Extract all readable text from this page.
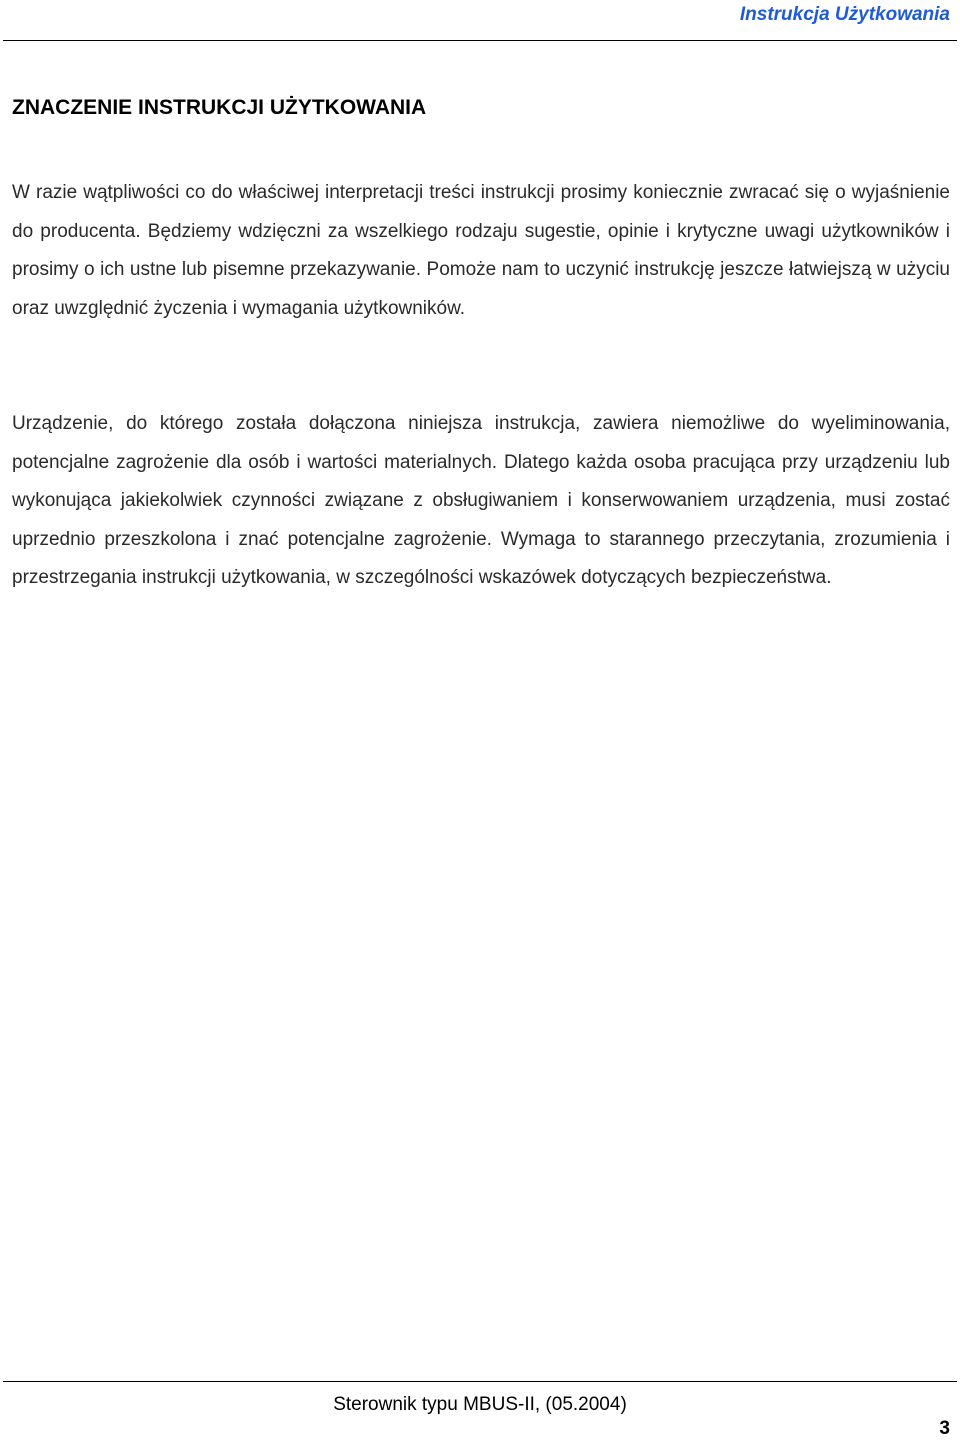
Instrukcja Użytkowania
ZNACZENIE INSTRUKCJI UŻYTKOWANIA

W razie wątpliwości co do właściwej interpretacji treści instrukcji prosimy koniecznie zwracać się o wyjaśnienie do producenta. Będziemy wdzięczni za wszelkiego rodzaju sugestie, opinie i krytyczne uwagi użytkowników i prosimy o ich ustne lub pisemne przekazywanie. Pomoże nam to uczynić instrukcję jeszcze łatwiejszą w użyciu oraz uwzględnić życzenia i wymagania użytkowników.

Urządzenie, do którego została dołączona niniejsza instrukcja, zawiera niemożliwe do wyeliminowania, potencjalne zagrożenie dla osób i wartości materialnych. Dlatego każda osoba pracująca przy urządzeniu lub wykonująca jakiekolwiek czynności związane z obsługiwaniem i konserwowaniem urządzenia, musi zostać uprzednio przeszkolona i znać potencjalne zagrożenie. Wymaga to starannego przeczytania, zrozumienia i przestrzegania instrukcji użytkowania, w szczególności wskazówek dotyczących bezpieczeństwa.

Sterownik typu MBUS-II, (05.2004)
3
